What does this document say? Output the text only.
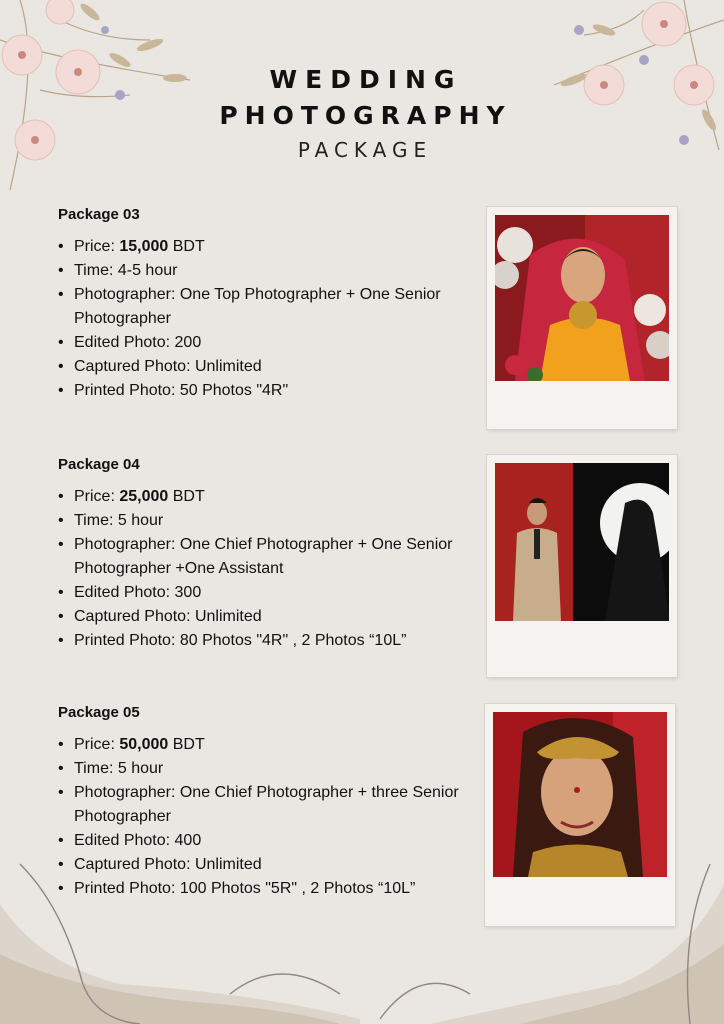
WEDDING
PHOTOGRAPHY
PACKAGE
Package 03
• Price: 15,000 BDT
• Time: 4-5 hour
• Photographer: One Top Photographer + One Senior Photographer
• Edited Photo: 200
• Captured Photo: Unlimited
• Printed Photo: 50 Photos "4R"
Package 04
• Price: 25,000 BDT
• Time: 5 hour
• Photographer: One Chief Photographer + One Senior Photographer +One Assistant
• Edited Photo: 300
• Captured Photo: Unlimited
• Printed Photo: 80 Photos "4R" , 2 Photos “10L”
Package 05
• Price: 50,000 BDT
• Time: 5 hour
• Photographer: One Chief Photographer + three Senior Photographer
• Edited Photo: 400
• Captured Photo: Unlimited
• Printed Photo: 100 Photos "5R" , 2 Photos “10L”
